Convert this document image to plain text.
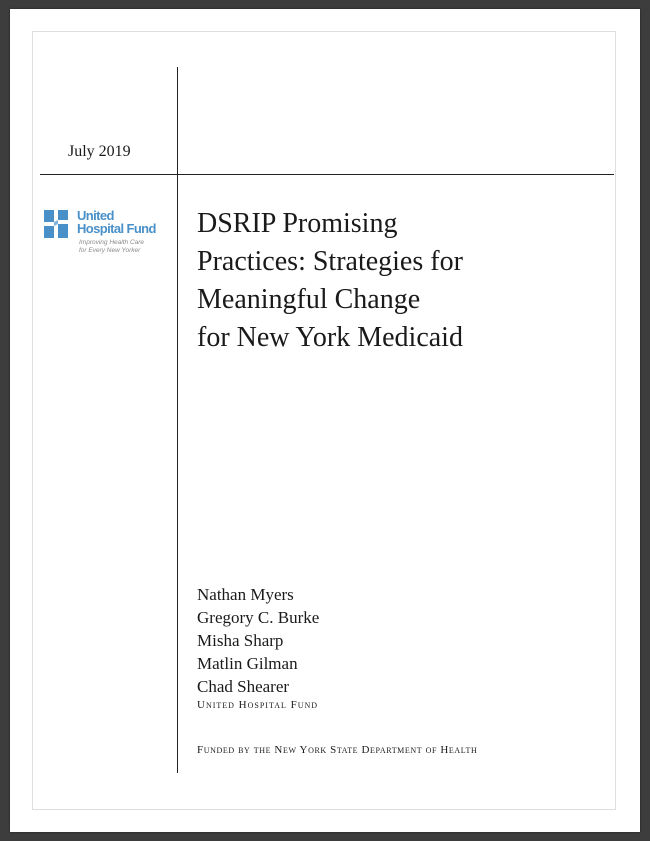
July 2019
United
Hospital Fund
Improving Health Care
for Every New Yorker
DSRIP Promising
Practices: Strategies for
Meaningful Change
for New York Medicaid
Nathan Myers
Gregory C. Burke
Misha Sharp
Matlin Gilman
Chad Shearer
United Hospital Fund
Funded by the New York State Department of Health
